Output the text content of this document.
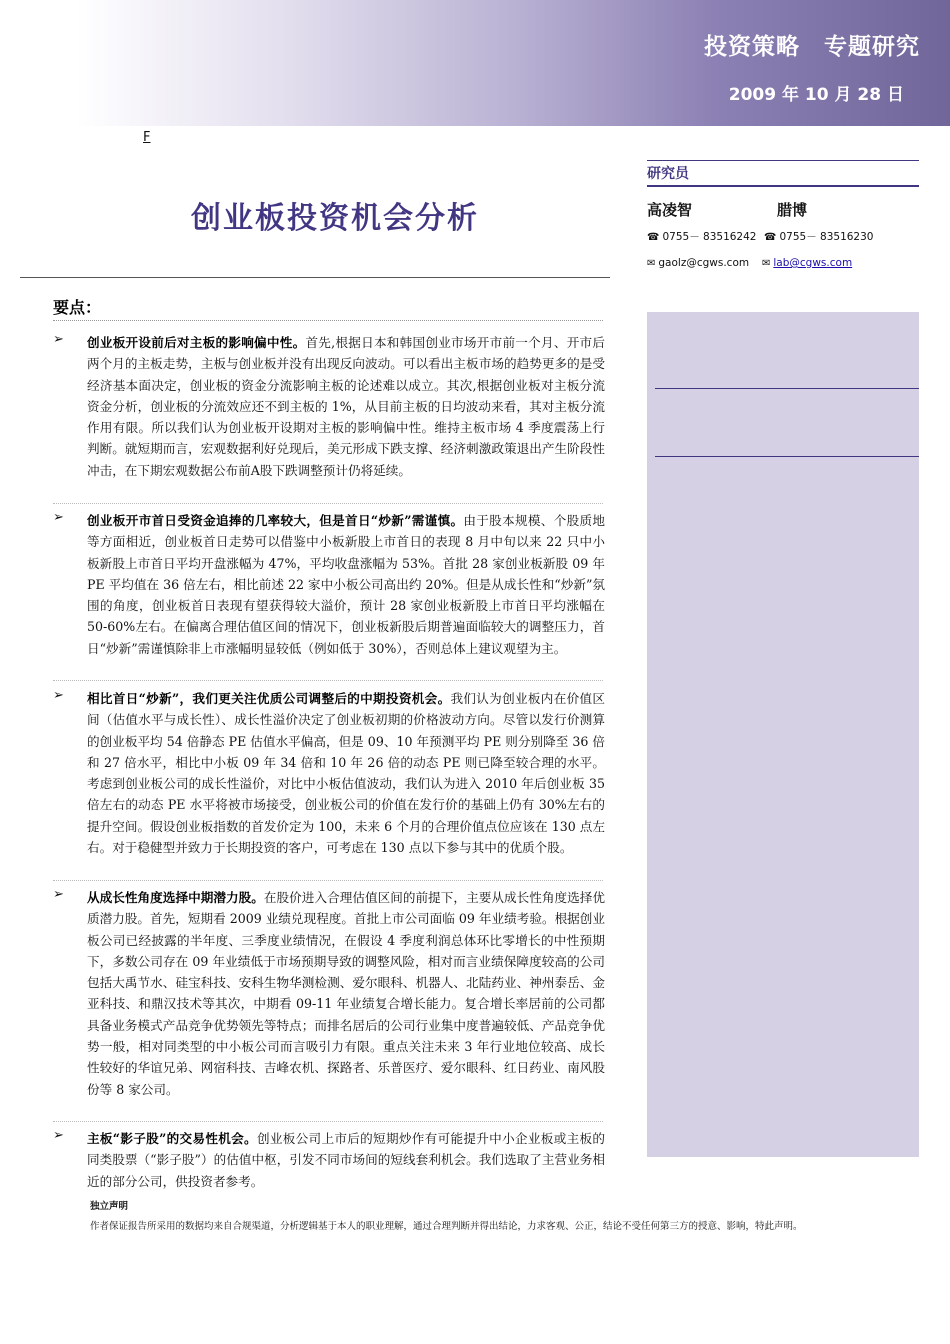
投资策略 专题研究
2009 年 10 月 28 日
F
创业板投资机会分析
研究员
高凌智	腊博
☎ 0755－ 83516242 ☎ 0755－ 83516230
✉ gaolz@cgws.com ✉ lab@cgws.com
要点：
➢ 创业板开设前后对主板的影响偏中性。首先,根据日本和韩国创业市场开市前一个月、开市后两个月的主板走势，主板与创业板并没有出现反向波动。可以看出主板市场的趋势更多的是受经济基本面决定，创业板的资金分流影响主板的论述难以成立。其次,根据创业板对主板分流资金分析，创业板的分流效应还不到主板的 1%，从目前主板的日均波动来看，其对主板分流作用有限。所以我们认为创业板开设期对主板的影响偏中性。维持主板市场 4 季度震荡上行判断。就短期而言，宏观数据利好兑现后，美元形成下跌支撑、经济刺激政策退出产生阶段性冲击，在下期宏观数据公布前A股下跌调整预计仍将延续。

➢ 创业板开市首日受资金追捧的几率较大，但是首日“炒新”需谨慎。由于股本规模、个股质地等方面相近，创业板首日走势可以借鉴中小板新股上市首日的表现 8 月中旬以来 22 只中小板新股上市首日平均开盘涨幅为 47%，平均收盘涨幅为 53%。首批 28 家创业板新股 09 年 PE 平均值在 36 倍左右，相比前述 22 家中小板公司高出约 20%。但是从成长性和“炒新”氛围的角度，创业板首日表现有望获得较大溢价，预计 28 家创业板新股上市首日平均涨幅在 50-60%左右。在偏离合理估值区间的情况下，创业板新股后期普遍面临较大的调整压力，首日“炒新”需谨慎除非上市涨幅明显较低（例如低于 30%），否则总体上建议观望为主。

➢ 相比首日“炒新”，我们更关注优质公司调整后的中期投资机会。我们认为创业板内在价值区间（估值水平与成长性）、成长性溢价决定了创业板初期的价格波动方向。尽管以发行价测算的创业板平均 54 倍静态 PE 估值水平偏高，但是 09、10 年预测平均 PE 则分别降至 36 倍和 27 倍水平，相比中小板 09 年 34 倍和 10 年 26 倍的动态 PE 则已降至较合理的水平。考虑到创业板公司的成长性溢价，对比中小板估值波动，我们认为进入 2010 年后创业板 35 倍左右的动态 PE 水平将被市场接受，创业板公司的价值在发行价的基础上仍有 30%左右的提升空间。假设创业板指数的首发价定为 100，未来 6 个月的合理价值点位应该在 130 点左右。对于稳健型并致力于长期投资的客户，可考虑在 130 点以下参与其中的优质个股。

➢ 从成长性角度选择中期潜力股。在股价进入合理估值区间的前提下，主要从成长性角度选择优质潜力股。首先，短期看 2009 业绩兑现程度。首批上市公司面临 09 年业绩考验。根据创业板公司已经披露的半年度、三季度业绩情况，在假设 4 季度利润总体环比零增长的中性预期下，多数公司存在 09 年业绩低于市场预期导致的调整风险，相对而言业绩保障度较高的公司包括大禹节水、硅宝科技、安科生物华测检测、爱尔眼科、机器人、北陆药业、神州泰岳、金亚科技、和鼎汉技术等其次，中期看 09-11 年业绩复合增长能力。复合增长率居前的公司都具备业务模式产品竞争优势领先等特点；而排名居后的公司行业集中度普遍较低、产品竞争优势一般，相对同类型的中小板公司而言吸引力有限。重点关注未来 3 年行业地位较高、成长性较好的华谊兄弟、网宿科技、吉峰农机、探路者、乐普医疗、爱尔眼科、红日药业、南风股份等 8 家公司。

➢ 主板“影子股”的交易性机会。创业板公司上市后的短期炒作有可能提升中小企业板或主板的同类股票（“影子股”）的估值中枢，引发不同市场间的短线套利机会。我们选取了主营业务相近的部分公司，供投资者参考。

独立声明
作者保证报告所采用的数据均来自合规渠道，分析逻辑基于本人的职业理解，通过合理判断并得出结论，力求客观、公正，结论不受任何第三方的授意、影响，特此声明。
